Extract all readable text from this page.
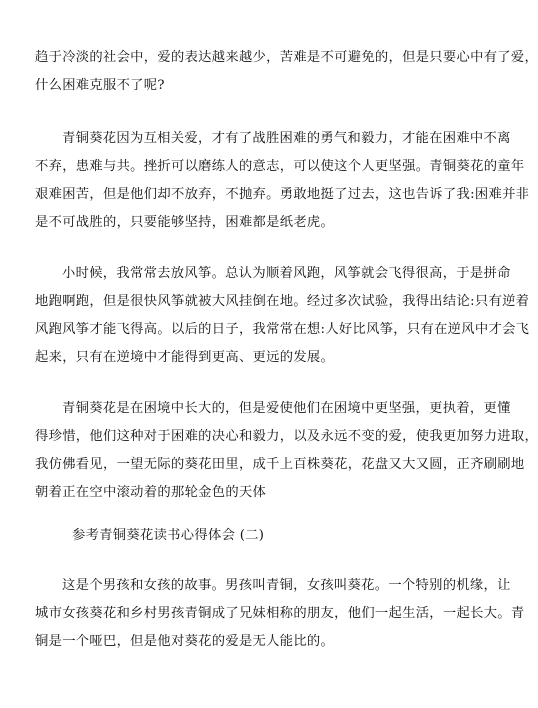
趋于冷淡的社会中，爱的表达越来越少，苦难是不可避免的，但是只要心中有了爱，
什么困难克服不了呢?

青铜葵花因为互相关爱，才有了战胜困难的勇气和毅力，才能在困难中不离
不弃，患难与共。挫折可以磨练人的意志，可以使这个人更坚强。青铜葵花的童年
艰难困苦，但是他们却不放弃，不抛弃。勇敢地挺了过去，这也告诉了我:困难并非
是不可战胜的，只要能够坚持，困难都是纸老虎。

小时候，我常常去放风筝。总认为顺着风跑，风筝就会飞得很高，于是拼命
地跑啊跑，但是很快风筝就被大风挂倒在地。经过多次试验，我得出结论:只有逆着
风跑风筝才能飞得高。以后的日子，我常常在想:人好比风筝，只有在逆风中才会飞
起来，只有在逆境中才能得到更高、更远的发展。

青铜葵花是在困境中长大的，但是爱使他们在困境中更坚强，更执着，更懂
得珍惜，他们这种对于困难的决心和毅力，以及永远不变的爱，使我更加努力进取，
我仿佛看见，一望无际的葵花田里，成千上百株葵花，花盘又大又圆，正齐刷刷地
朝着正在空中滚动着的那轮金色的天体

参考青铜葵花读书心得体会 (二)

这是个男孩和女孩的故事。男孩叫青铜，女孩叫葵花。一个特别的机缘，让
城市女孩葵花和乡村男孩青铜成了兄妹相称的朋友，他们一起生活，一起长大。青
铜是一个哑巴，但是他对葵花的爱是无人能比的。
